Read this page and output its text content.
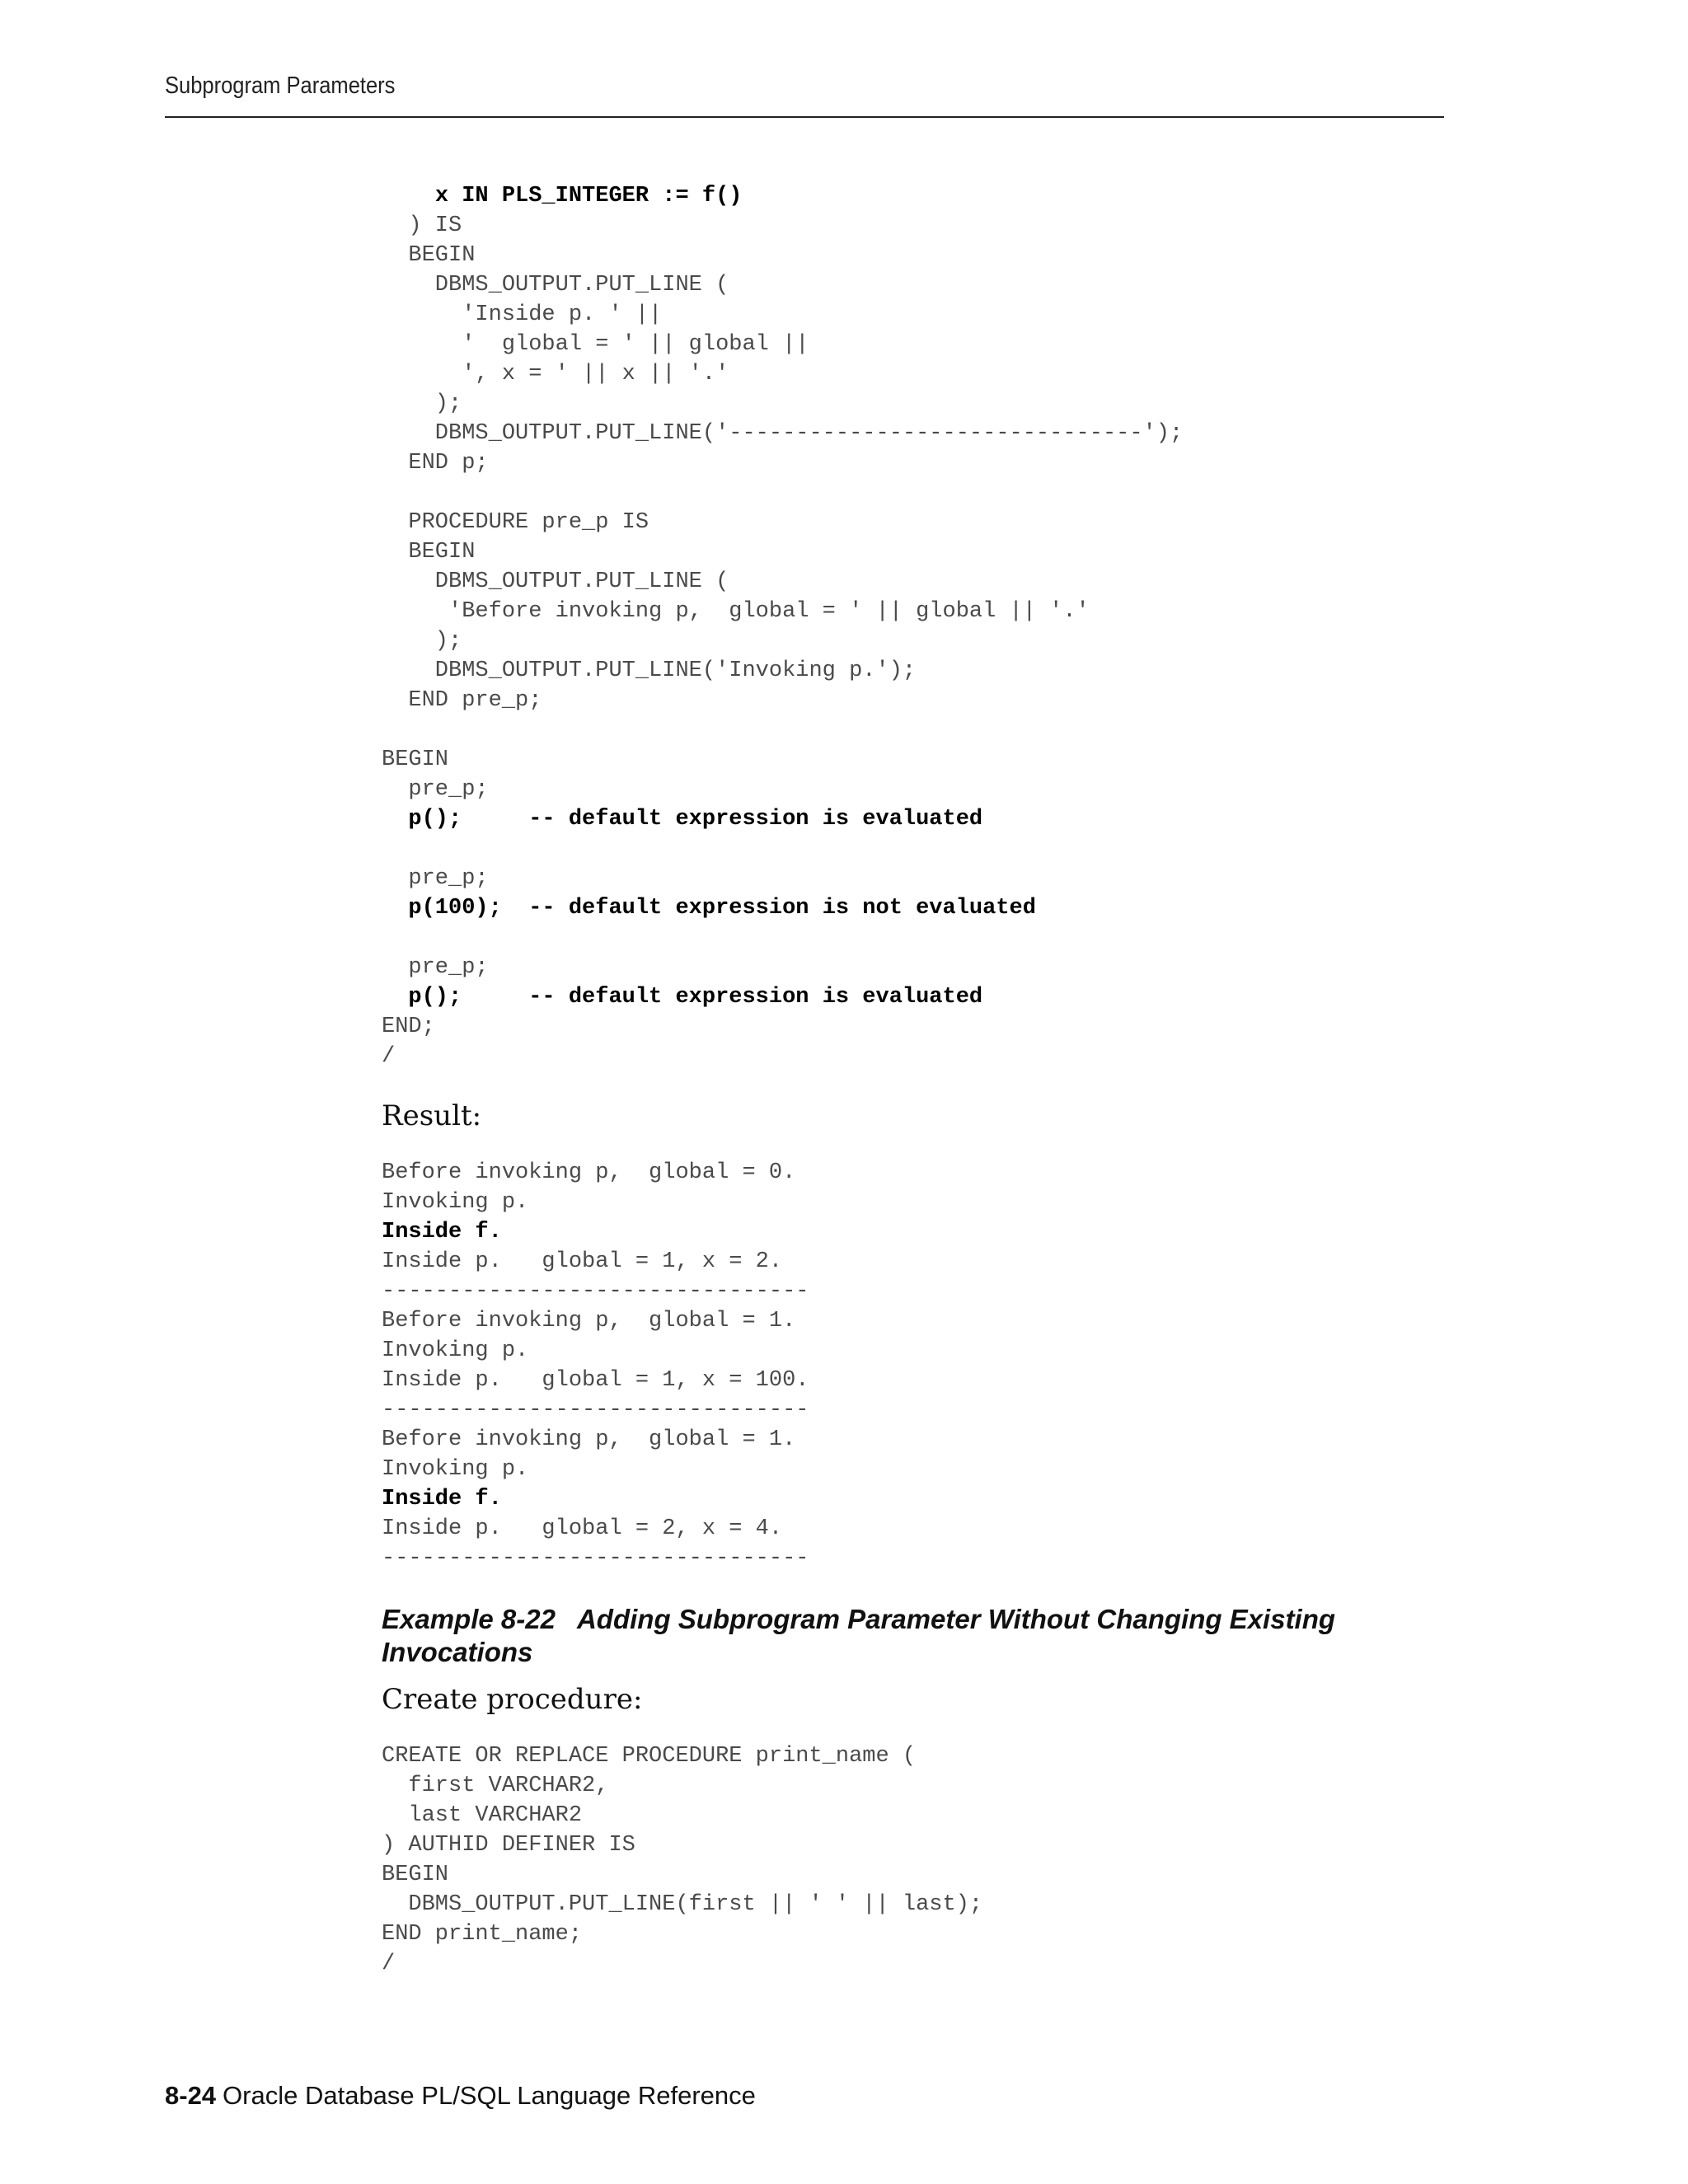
Subprogram Parameters
x IN PLS_INTEGER := f()
) IS
BEGIN
DBMS_OUTPUT.PUT_LINE (
'Inside p. ' ||
'  global = ' || global ||
', x = ' || x || '.'
);
DBMS_OUTPUT.PUT_LINE('-------------------------------');
END p;

PROCEDURE pre_p IS
BEGIN
DBMS_OUTPUT.PUT_LINE (
'Before invoking p,  global = ' || global || '.'
);
DBMS_OUTPUT.PUT_LINE('Invoking p.');
END pre_p;

BEGIN
pre_p;
p();     -- default expression is evaluated

pre_p;
p(100);  -- default expression is not evaluated

pre_p;
p();     -- default expression is evaluated
END;
/
Result:
Before invoking p,  global = 0.
Invoking p.
Inside f.
Inside p.   global = 1, x = 2.
--------------------------------
Before invoking p,  global = 1.
Invoking p.
Inside p.   global = 1, x = 100.
--------------------------------
Before invoking p,  global = 1.
Invoking p.
Inside f.
Inside p.   global = 2, x = 4.
--------------------------------
Example 8-22 Adding Subprogram Parameter Without Changing Existing Invocations
Create procedure:
CREATE OR REPLACE PROCEDURE print_name (
first VARCHAR2,
last VARCHAR2
) AUTHID DEFINER IS
BEGIN
DBMS_OUTPUT.PUT_LINE(first || ' ' || last);
END print_name;
/
8-24 Oracle Database PL/SQL Language Reference
